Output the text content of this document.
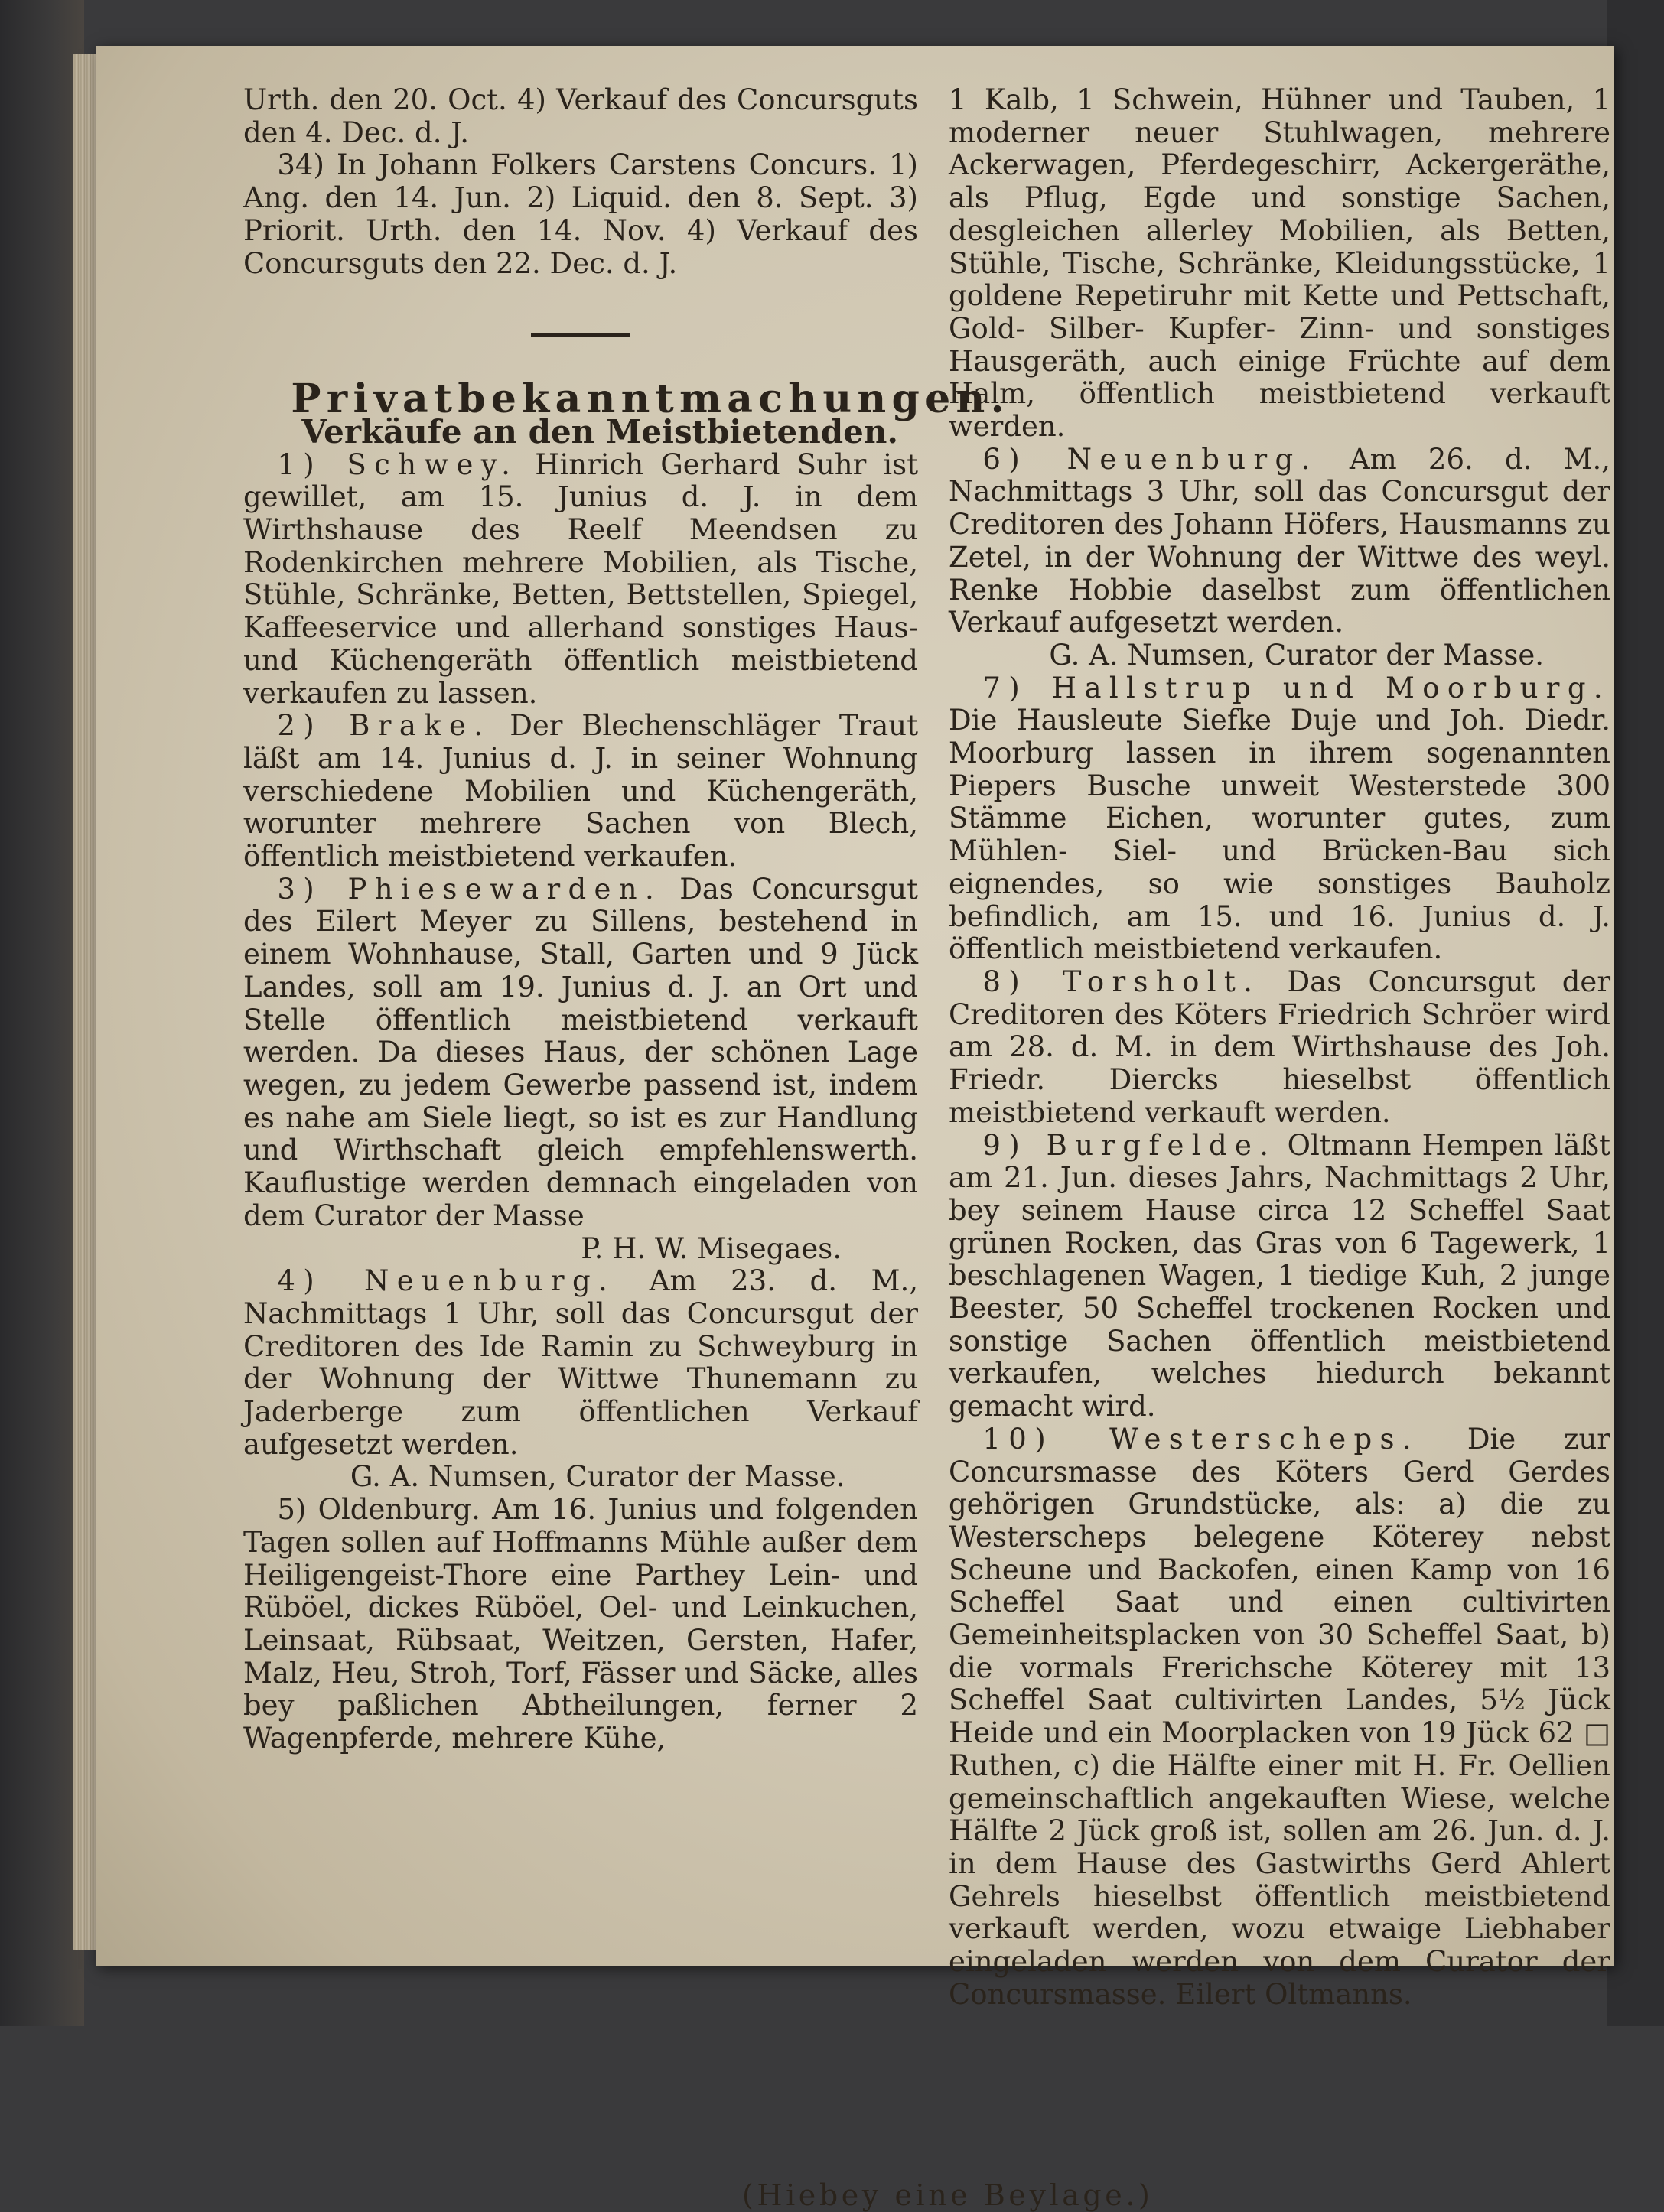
Urth. den 20. Oct. 4) Verkauf des Concursguts den 4. Dec. d. J.

34) In Johann Folkers Carstens Concurs. 1) Ang. den 14. Jun. 2) Liquid. den 8. Sept. 3) Priorit. Urth. den 14. Nov. 4) Verkauf des Concursguts den 22. Dec. d. J.

Privatbekanntmachungen.

Verkäufe an den Meistbietenden.

1) Schwey. Hinrich Gerhard Suhr ist gewillet, am 15. Junius d. J. in dem Wirthshause des Reelf Meendsen zu Rodenkirchen mehrere Mobilien, als Tische, Stühle, Schränke, Betten, Bettstellen, Spiegel, Kaffeeservice und allerhand sonstiges Haus- und Küchengeräth öffentlich meistbietend verkaufen zu lassen.

2) Brake. Der Blechenschläger Traut läßt am 14. Junius d. J. in seiner Wohnung verschiedene Mobilien und Küchengeräth, worunter mehrere Sachen von Blech, öffentlich meistbietend verkaufen.

3) Phiesewarden. Das Concursgut des Eilert Meyer zu Sillens, bestehend in einem Wohnhause, Stall, Garten und 9 Jück Landes, soll am 19. Junius d. J. an Ort und Stelle öffentlich meistbietend verkauft werden. Da dieses Haus, der schönen Lage wegen, zu jedem Gewerbe passend ist, indem es nahe am Siele liegt, so ist es zur Handlung und Wirthschaft gleich empfehlenswerth. Kauflustige werden demnach eingeladen von dem Curator der Masse

P. H. W. Misegaes.

4) Neuenburg. Am 23. d. M., Nachmittags 1 Uhr, soll das Concursgut der Creditoren des Ide Ramin zu Schweyburg in der Wohnung der Wittwe Thunemann zu Jaderberge zum öffentlichen Verkauf aufgesetzt werden.

G. A. Numsen, Curator der Masse.

5) Oldenburg. Am 16. Junius und folgenden Tagen sollen auf Hoffmanns Mühle außer dem Heiligengeist-Thore eine Parthey Lein- und Rüböel, dickes Rüböel, Oel- und Leinkuchen, Leinsaat, Rübsaat, Weitzen, Gersten, Hafer, Malz, Heu, Stroh, Torf, Fässer und Säcke, alles bey paßlichen Abtheilungen, ferner 2 Wagenpferde, mehrere Kühe,

1 Kalb, 1 Schwein, Hühner und Tauben, 1 moderner neuer Stuhlwagen, mehrere Ackerwagen, Pferdegeschirr, Ackergeräthe, als Pflug, Egde und sonstige Sachen, desgleichen allerley Mobilien, als Betten, Stühle, Tische, Schränke, Kleidungsstücke, 1 goldene Repetiruhr mit Kette und Pettschaft, Gold- Silber- Kupfer- Zinn- und sonstiges Hausgeräth, auch einige Früchte auf dem Halm, öffentlich meistbietend verkauft werden.

6) Neuenburg. Am 26. d. M., Nachmittags 3 Uhr, soll das Concursgut der Creditoren des Johann Höfers, Hausmanns zu Zetel, in der Wohnung der Wittwe des weyl. Renke Hobbie daselbst zum öffentlichen Verkauf aufgesetzt werden.

G. A. Numsen, Curator der Masse.

7) Hallstrup und Moorburg. Die Hausleute Siefke Duje und Joh. Diedr. Moorburg lassen in ihrem sogenannten Piepers Busche unweit Westerstede 300 Stämme Eichen, worunter gutes, zum Mühlen- Siel- und Brücken-Bau sich eignendes, so wie sonstiges Bauholz befindlich, am 15. und 16. Junius d. J. öffentlich meistbietend verkaufen.

8) Torsholt. Das Concursgut der Creditoren des Köters Friedrich Schröer wird am 28. d. M. in dem Wirthshause des Joh. Friedr. Diercks hieselbst öffentlich meistbietend verkauft werden.

9) Burgfelde. Oltmann Hempen läßt am 21. Jun. dieses Jahrs, Nachmittags 2 Uhr, bey seinem Hause circa 12 Scheffel Saat grünen Rocken, das Gras von 6 Tagewerk, 1 beschlagenen Wagen, 1 tiedige Kuh, 2 junge Beester, 50 Scheffel trockenen Rocken und sonstige Sachen öffentlich meistbietend verkaufen, welches hiedurch bekannt gemacht wird.

10) Westerscheps. Die zur Concursmasse des Köters Gerd Gerdes gehörigen Grundstücke, als: a) die zu Westerscheps belegene Köterey nebst Scheune und Backofen, einen Kamp von 16 Scheffel Saat und einen cultivirten Gemeinheitsplacken von 30 Scheffel Saat, b) die vormals Frerichsche Köterey mit 13 Scheffel Saat cultivirten Landes, 5½ Jück Heide und ein Moorplacken von 19 Jück 62 □ Ruthen, c) die Hälfte einer mit H. Fr. Oellien gemeinschaftlich angekauften Wiese, welche Hälfte 2 Jück groß ist, sollen am 26. Jun. d. J. in dem Hause des Gastwirths Gerd Ahlert Gehrels hieselbst öffentlich meistbietend verkauft werden, wozu etwaige Liebhaber eingeladen werden von dem Curator der Concursmasse. Eilert Oltmanns.

(Hiebey eine Beylage.)
